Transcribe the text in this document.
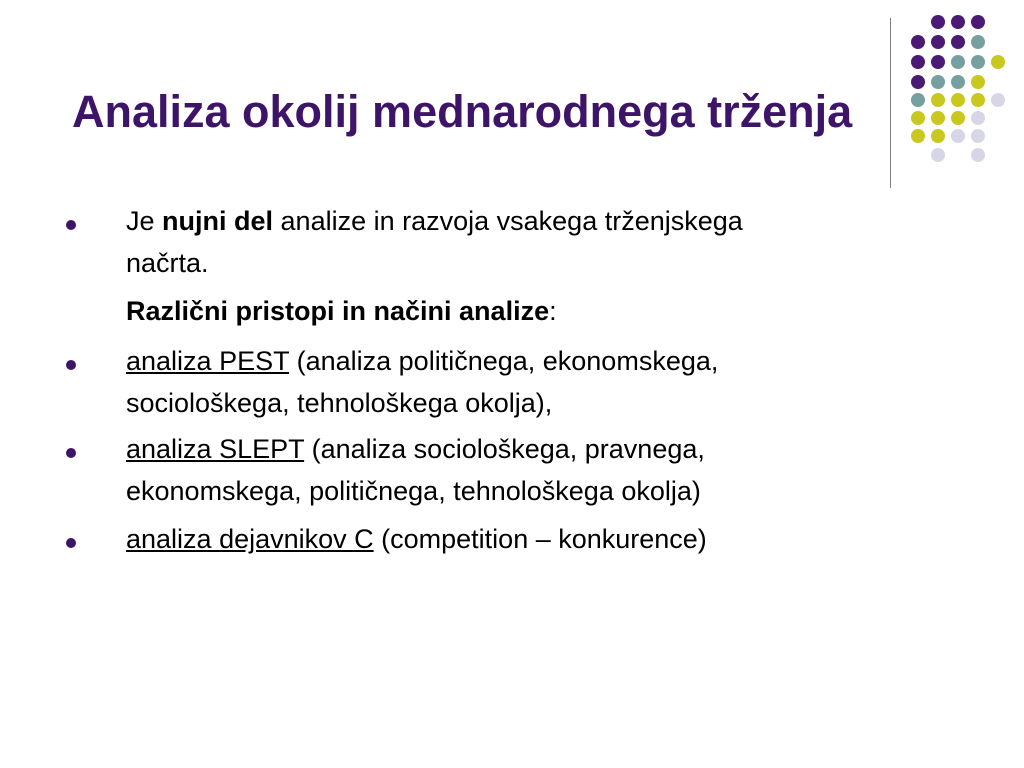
Analiza okolij mednarodnega trženja
Je nujni del analize in razvoja vsakega trženjskega
načrta.
Različni pristopi in načini analize:
analiza PEST (analiza političnega, ekonomskega,
sociološkega, tehnološkega okolja),
analiza SLEPT (analiza sociološkega, pravnega,
ekonomskega, političnega, tehnološkega okolja)
analiza dejavnikov C (competition – konkurence)
